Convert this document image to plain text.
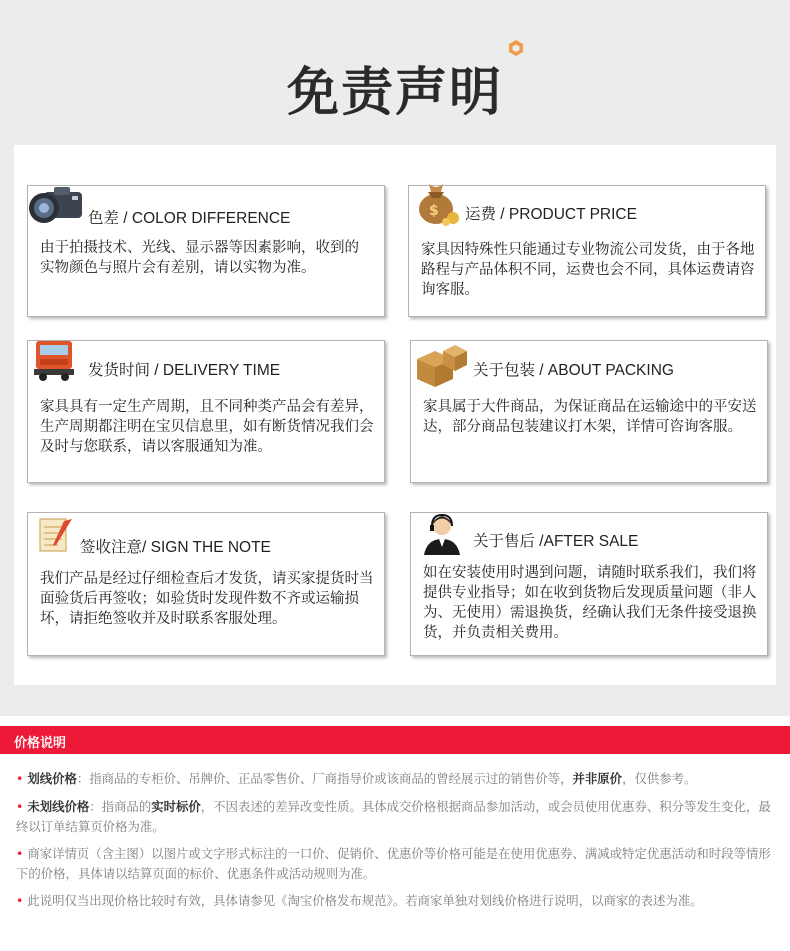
免责声明
色差 / COLOR DIFFERENCE
由于拍摄技术、光线、显示器等因素影响，收到的实物颜色与照片会有差别，请以实物为准。
$ 运费 / PRODUCT PRICE
家具因特殊性只能通过专业物流公司发货，由于各地路程与产品体积不同，运费也会不同，具体运费请咨询客服。
发货时间 / DELIVERY TIME
家具具有一定生产周期，且不同种类产品会有差异，生产周期都注明在宝贝信息里，如有断货情况我们会及时与您联系，请以客服通知为准。
关于包装 / ABOUT PACKING
家具属于大件商品，为保证商品在运输途中的平安送达，部分商品包装建议打木架，详情可咨询客服。
签收注意/ SIGN THE NOTE
我们产品是经过仔细检查后才发货，请买家提货时当面验货后再签收；如验货时发现件数不齐或运输损坏，请拒绝签收并及时联系客服处理。
关于售后 /AFTER SALE
如在安装使用时遇到问题，请随时联系我们，我们将提供专业指导；如在收到货物后发现质量问题（非人为、无使用）需退换货，经确认我们无条件接受退换货，并负责相关费用。
价格说明
• 划线价格：指商品的专柜价、吊牌价、正品零售价、厂商指导价或该商品的曾经展示过的销售价等，并非原价，仅供参考。
• 未划线价格：指商品的实时标价，不因表述的差异改变性质。具体成交价格根据商品参加活动，或会员使用优惠券、积分等发生变化，最终以订单结算页价格为准。
• 商家详情页（含主图）以图片或文字形式标注的一口价、促销价、优惠价等价格可能是在使用优惠券、满减或特定优惠活动和时段等情形下的价格，具体请以结算页面的标价、优惠条件或活动规则为准。
• 此说明仅当出现价格比较时有效，具体请参见《淘宝价格发布规范》。若商家单独对划线价格进行说明，以商家的表述为准。
